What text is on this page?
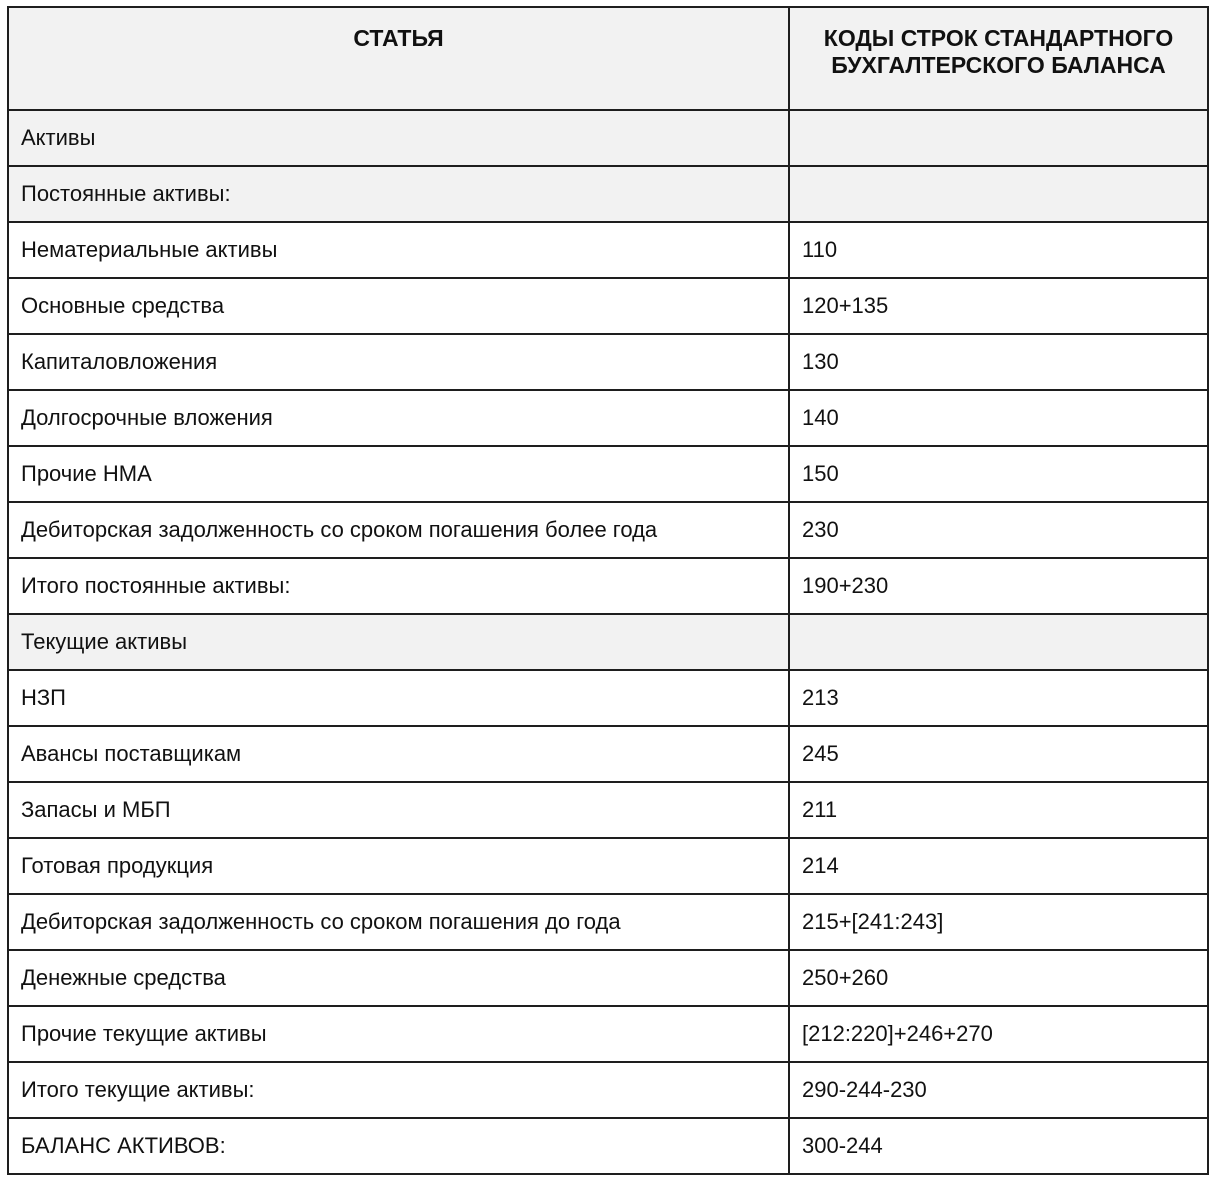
СТАТЬЯ	КОДЫ СТРОК СТАНДАРТНОГО
БУХГАЛТЕРСКОГО БАЛАНСА

Активы	
Постоянные активы:	
Нематериальные активы	110
Основные средства	120+135
Капиталовложения	130
Долгосрочные вложения	140
Прочие НМА	150
Дебиторская задолженность со сроком погашения более года	230
Итого постоянные активы:	190+230
Текущие активы	
НЗП	213
Авансы поставщикам	245
Запасы и МБП	211
Готовая продукция	214
Дебиторская задолженность со сроком погашения до года	215+[241:243]
Денежные средства	250+260
Прочие текущие активы	[212:220]+246+270
Итого текущие активы:	290-244-230
БАЛАНС АКТИВОВ:	300-244
